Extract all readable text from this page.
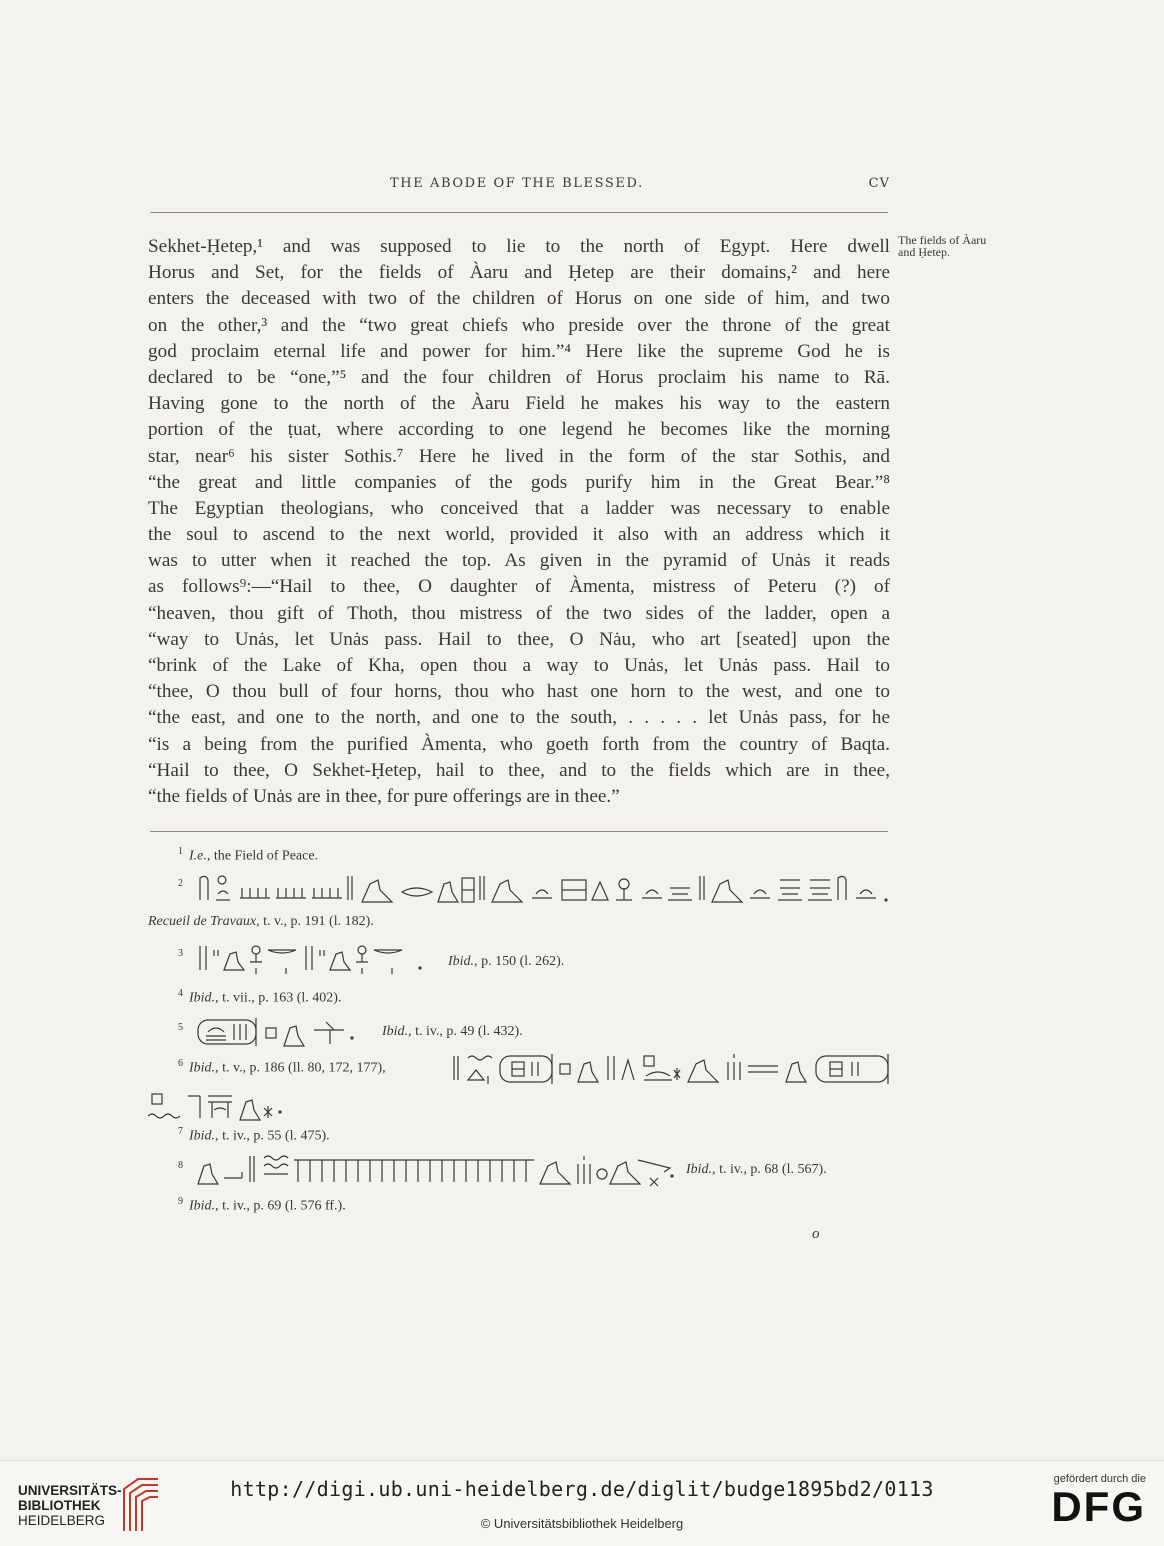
THE ABODE OF THE BLESSED.	CV
The fields of Àaru
and Ḥetep.
Sekhet-Ḥetep,¹ and was supposed to lie to the north of Egypt. Here dwell
Horus and Set, for the fields of Àaru and Ḥetep are their domains,² and here
enters the deceased with two of the children of Horus on one side of him, and two
on the other,³ and the “two great chiefs who preside over the throne of the great
god proclaim eternal life and power for him.”⁴ Here like the supreme God he is
declared to be “one,”⁵ and the four children of Horus proclaim his name to Rā.
Having gone to the north of the Àaru Field he makes his way to the eastern
portion of the ṭuat, where according to one legend he becomes like the morning
star, near⁶ his sister Sothis.⁷ Here he lived in the form of the star Sothis, and
“the great and little companies of the gods purify him in the Great Bear.”⁸
The Egyptian theologians, who conceived that a ladder was necessary to enable
the soul to ascend to the next world, provided it also with an address which it
was to utter when it reached the top. As given in the pyramid of Unȧs it reads
as follows⁹:—“Hail to thee, O daughter of Àmenta, mistress of Peteru (?) of
“heaven, thou gift of Thoth, thou mistress of the two sides of the ladder, open a
“way to Unȧs, let Unȧs pass. Hail to thee, O Nȧu, who art [seated] upon the
“brink of the Lake of Kha, open thou a way to Unȧs, let Unȧs pass. Hail to
“thee, O thou bull of four horns, thou who hast one horn to the west, and one to
“the east, and one to the north, and one to the south, . . . . . let Unȧs pass, for he
“is a being from the purified Àmenta, who goeth forth from the country of Baqta.
“Hail to thee, O Sekhet-Ḥetep, hail to thee, and to the fields which are in thee,
“the fields of Unȧs are in thee, for pure offerings are in thee.”
$^1$ I.e., the Field of Peace.
$^2$
Recueil de Travaux, t. v., p. 191 (l. 182).
$^3$
Ibid., p. 150 (l. 262).
$^4$ Ibid., t. vii., p. 163 (l. 402).
$^5$	Ibid., t. iv., p. 49 (l. 432).
$^6$ Ibid., t. v., p. 186 (ll. 80, 172, 177),
$^7$ Ibid., t. iv., p. 55 (l. 475).
$^8$	Ibid., t. iv., p. 68 (l. 567).
$^9$ Ibid., t. iv., p. 69 (l. 576 ff.).
o
UNIVERSITÄTS-
BIBLIOTHEK
HEIDELBERG
http://digi.ub.uni-heidelberg.de/diglit/budge1895bd2/0113
© Universitätsbibliothek Heidelberg
gefördert durch die
DFG
